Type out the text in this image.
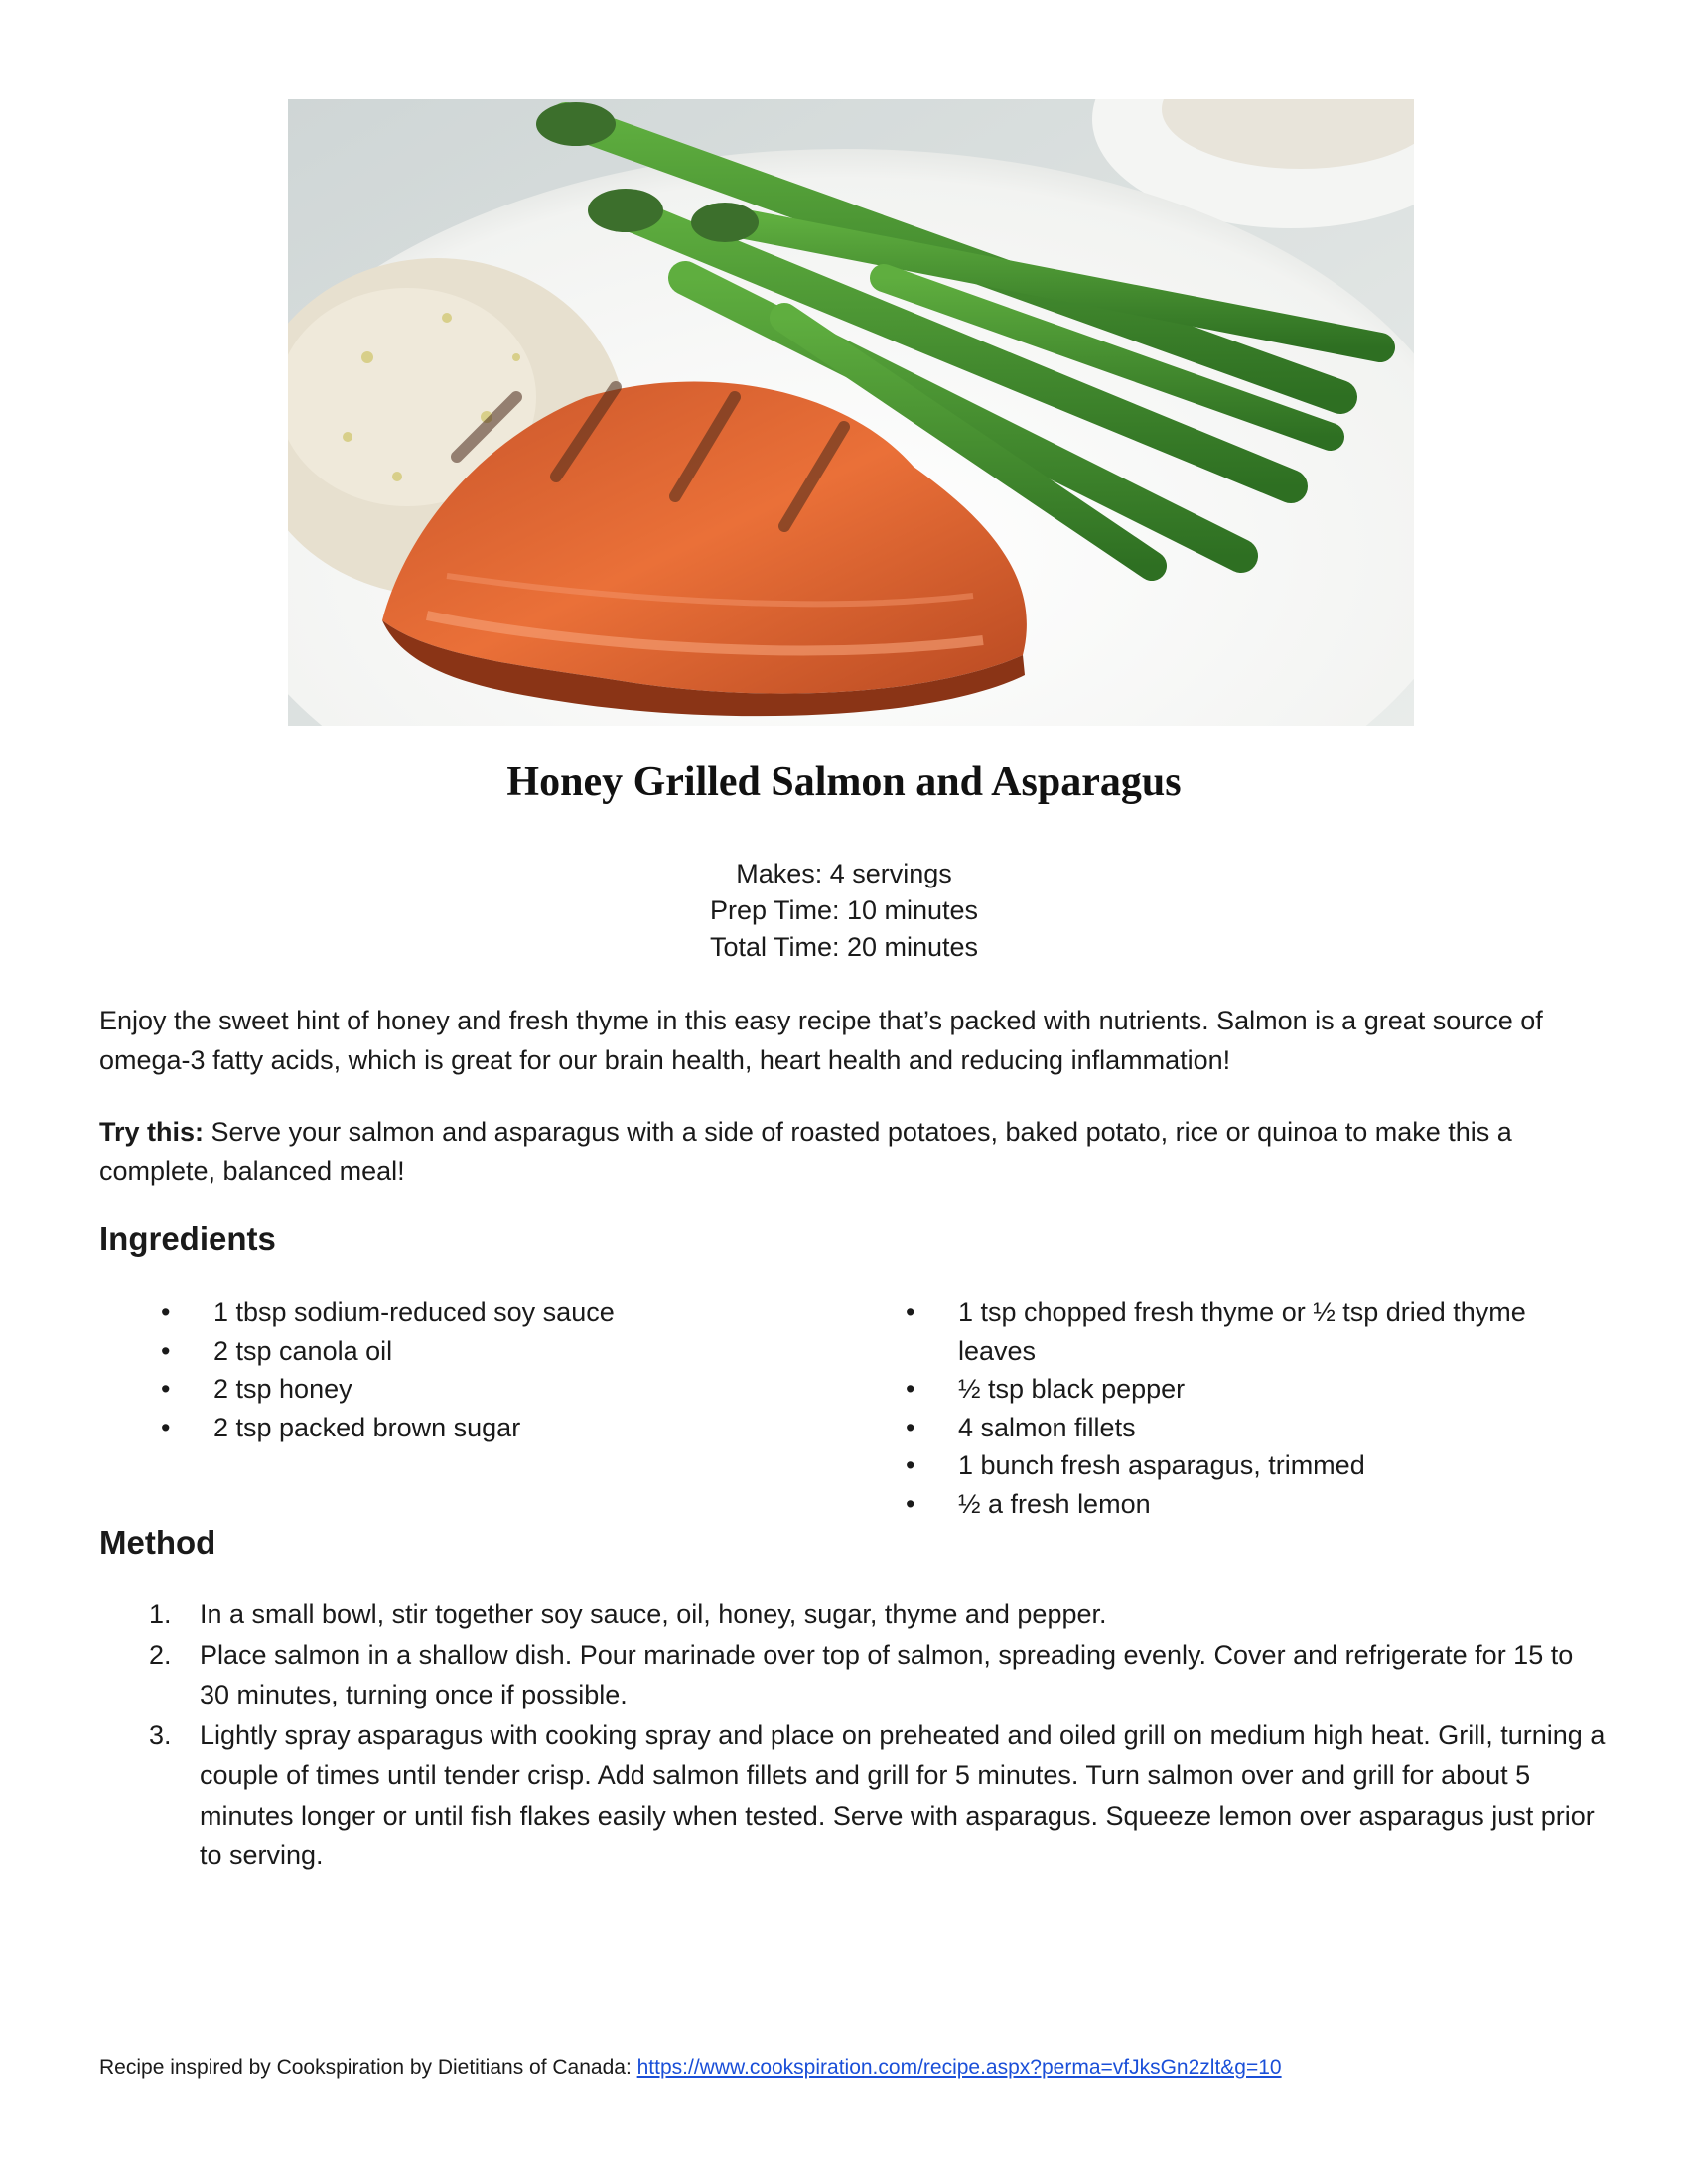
Honey Grilled Salmon and Asparagus
Makes: 4 servings
Prep Time: 10 minutes
Total Time: 20 minutes
Enjoy the sweet hint of honey and fresh thyme in this easy recipe that’s packed with nutrients. Salmon is a great source of omega-3 fatty acids, which is great for our brain health, heart health and reducing inflammation!
Try this: Serve your salmon and asparagus with a side of roasted potatoes, baked potato, rice or quinoa to make this a complete, balanced meal!
Ingredients
• 1 tbsp sodium-reduced soy sauce
• 2 tsp canola oil
• 2 tsp honey
• 2 tsp packed brown sugar
• 1 tsp chopped fresh thyme or ½ tsp dried thyme leaves
• ½ tsp black pepper
• 4 salmon fillets
• 1 bunch fresh asparagus, trimmed
• ½ a fresh lemon
Method
1. In a small bowl, stir together soy sauce, oil, honey, sugar, thyme and pepper.
2. Place salmon in a shallow dish. Pour marinade over top of salmon, spreading evenly. Cover and refrigerate for 15 to 30 minutes, turning once if possible.
3. Lightly spray asparagus with cooking spray and place on preheated and oiled grill on medium high heat. Grill, turning a couple of times until tender crisp. Add salmon fillets and grill for 5 minutes. Turn salmon over and grill for about 5 minutes longer or until fish flakes easily when tested. Serve with asparagus. Squeeze lemon over asparagus just prior to serving.
Recipe inspired by Cookspiration by Dietitians of Canada: https://www.cookspiration.com/recipe.aspx?perma=vfJksGn2zlt&g=10
